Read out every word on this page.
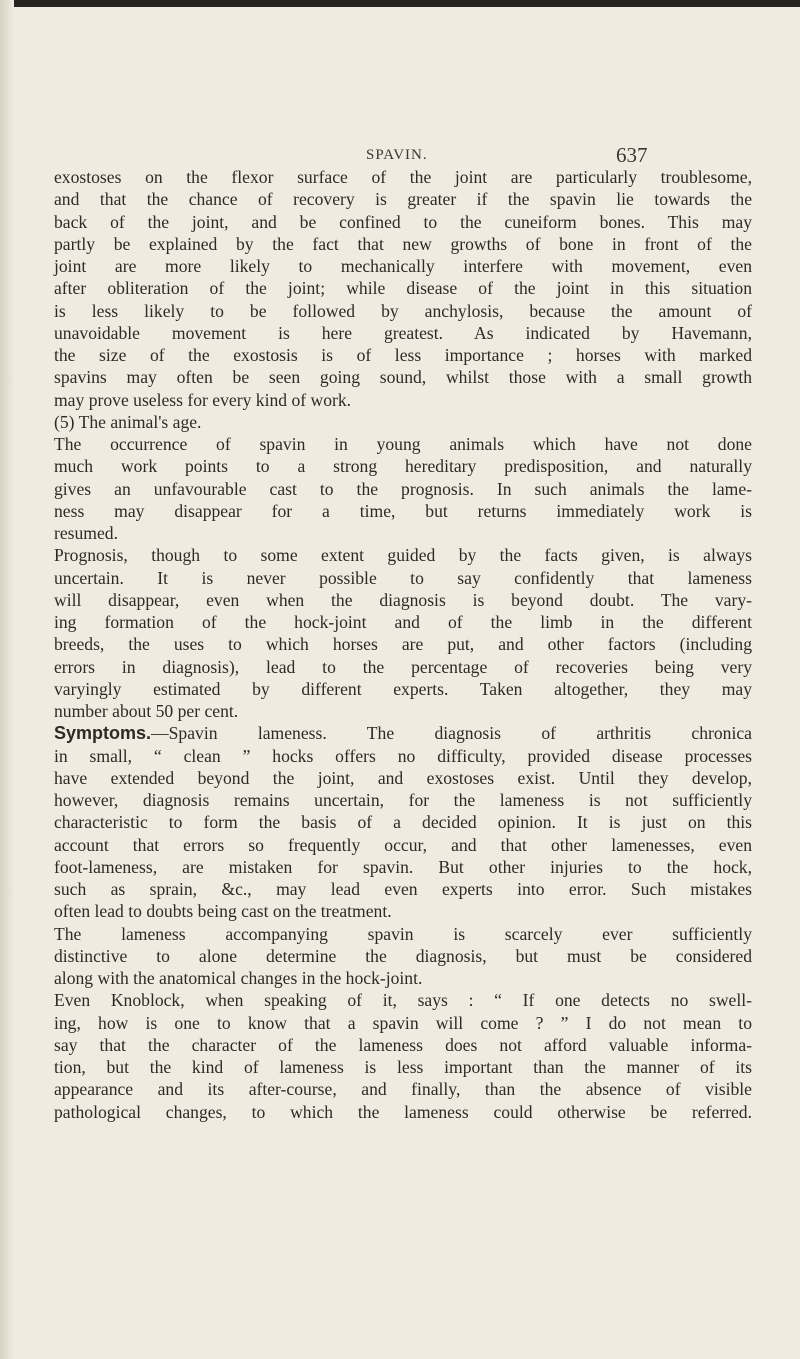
SPAVIN.	637
exostoses on the flexor surface of the joint are particularly troublesome,
and that the chance of recovery is greater if the spavin lie towards the
back of the joint, and be confined to the cuneiform bones. This may
partly be explained by the fact that new growths of bone in front of the
joint are more likely to mechanically interfere with movement, even
after obliteration of the joint; while disease of the joint in this situation
is less likely to be followed by anchylosis, because the amount of
unavoidable movement is here greatest. As indicated by Havemann,
the size of the exostosis is of less importance ; horses with marked
spavins may often be seen going sound, whilst those with a small growth
may prove useless for every kind of work.
(5) The animal's age.
The occurrence of spavin in young animals which have not done
much work points to a strong hereditary predisposition, and naturally
gives an unfavourable cast to the prognosis. In such animals the lame-
ness may disappear for a time, but returns immediately work is
resumed.
Prognosis, though to some extent guided by the facts given, is always
uncertain. It is never possible to say confidently that lameness
will disappear, even when the diagnosis is beyond doubt. The vary-
ing formation of the hock-joint and of the limb in the different
breeds, the uses to which horses are put, and other factors (including
errors in diagnosis), lead to the percentage of recoveries being very
varyingly estimated by different experts. Taken altogether, they may
number about 50 per cent.
Symptoms.—Spavin lameness. The diagnosis of arthritis chronica
in small, “ clean ” hocks offers no difficulty, provided disease processes
have extended beyond the joint, and exostoses exist. Until they develop,
however, diagnosis remains uncertain, for the lameness is not sufficiently
characteristic to form the basis of a decided opinion. It is just on this
account that errors so frequently occur, and that other lamenesses, even
foot-lameness, are mistaken for spavin. But other injuries to the hock,
such as sprain, &c., may lead even experts into error. Such mistakes
often lead to doubts being cast on the treatment.
The lameness accompanying spavin is scarcely ever sufficiently
distinctive to alone determine the diagnosis, but must be considered
along with the anatomical changes in the hock-joint.
Even Knoblock, when speaking of it, says : “ If one detects no swell-
ing, how is one to know that a spavin will come ? ” I do not mean to
say that the character of the lameness does not afford valuable informa-
tion, but the kind of lameness is less important than the manner of its
appearance and its after-course, and finally, than the absence of visible
pathological changes, to which the lameness could otherwise be referred.
